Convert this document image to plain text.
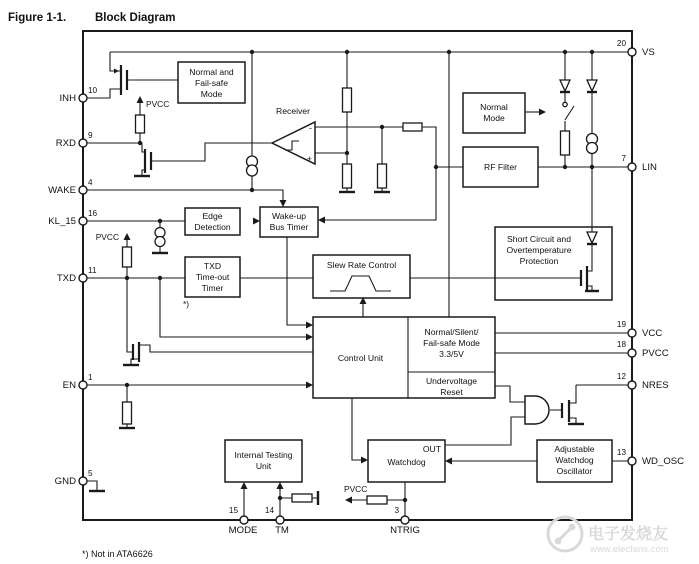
Figure 1-1.	Block Diagram
Normal and
Fail-safe
Mode
Normal
Mode
RF Filter
Edge
Detection
Wake-up
Bus Timer
TXD
Time-out
Timer
Slew Rate Control
Short Circuit and
Overtemperature
Protection
Control Unit
Normal/Silent/
Fail-safe Mode
3.3/5V
Undervoltage
Reset
Watchdog
Adjustable
Watchdog
Oscillator
Internal Testing
Unit
Receiver
OUT
-
+
PVCC
PVCC
PVCC
*)
INH
RXD
WAKE
KL_15
TXD
EN
GND
10
9
4
16
11
1
5
VS
LIN
VCC
PVCC
NRES
WD_OSC
20
7
19
18
12
13
15	14	3
MODE TM	NTRIG
*) Not in ATA6626
电子发烧友
www.elecfans.com
